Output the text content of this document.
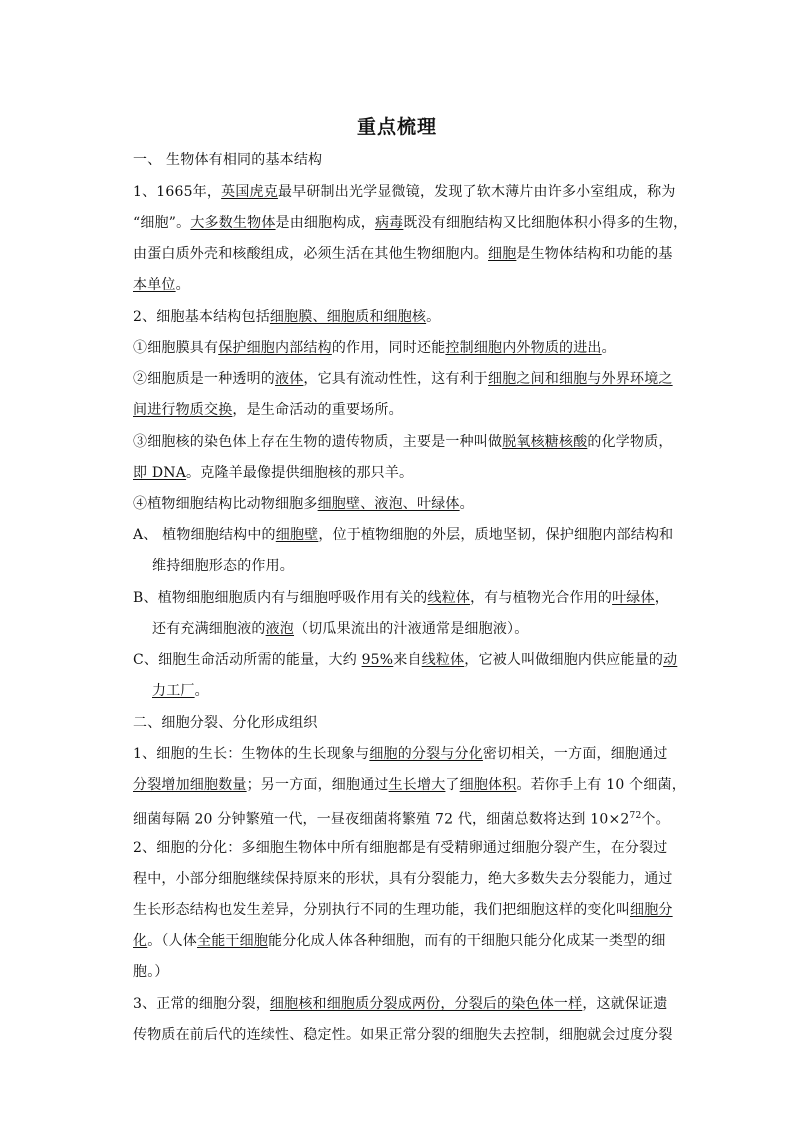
重点梳理
一、 生物体有相同的基本结构
1、1665年，英国虎克最早研制出光学显微镜，发现了软木薄片由许多小室组成，称为
“细胞”。大多数生物体是由细胞构成，病毒既没有细胞结构又比细胞体积小得多的生物，
由蛋白质外壳和核酸组成，必须生活在其他生物细胞内。细胞是生物体结构和功能的基
本单位。
2、细胞基本结构包括细胞膜、细胞质和细胞核。
①细胞膜具有保护细胞内部结构的作用，同时还能控制细胞内外物质的进出。
②细胞质是一种透明的液体，它具有流动性性，这有利于细胞之间和细胞与外界环境之
间进行物质交换，是生命活动的重要场所。
③细胞核的染色体上存在生物的遗传物质，主要是一种叫做脱氧核糖核酸的化学物质，
即 DNA。克隆羊最像提供细胞核的那只羊。
④植物细胞结构比动物细胞多细胞壁、液泡、叶绿体。
A、 植物细胞结构中的细胞壁，位于植物细胞的外层，质地坚韧，保护细胞内部结构和
维持细胞形态的作用。
B、植物细胞细胞质内有与细胞呼吸作用有关的线粒体，有与植物光合作用的叶绿体，
还有充满细胞液的液泡（切瓜果流出的汁液通常是细胞液）。
C、细胞生命活动所需的能量，大约 95%来自线粒体，它被人叫做细胞内供应能量的动
力工厂。
二、细胞分裂、分化形成组织
1、细胞的生长：生物体的生长现象与细胞的分裂与分化密切相关，一方面，细胞通过
分裂增加细胞数量；另一方面，细胞通过生长增大了细胞体积。若你手上有 10 个细菌，
细菌每隔 20 分钟繁殖一代，一昼夜细菌将繁殖 72 代，细菌总数将达到 $10\times 2^{72}$个。
2、细胞的分化：多细胞生物体中所有细胞都是有受精卵通过细胞分裂产生，在分裂过
程中，小部分细胞继续保持原来的形状，具有分裂能力，绝大多数失去分裂能力，通过
生长形态结构也发生差异，分别执行不同的生理功能，我们把细胞这样的变化叫细胞分
化。（人体全能干细胞能分化成人体各种细胞，而有的干细胞只能分化成某一类型的细
胞。）
3、正常的细胞分裂，细胞核和细胞质分裂成两份，分裂后的染色体一样，这就保证遗
传物质在前后代的连续性、稳定性。如果正常分裂的细胞失去控制，细胞就会过度分裂
